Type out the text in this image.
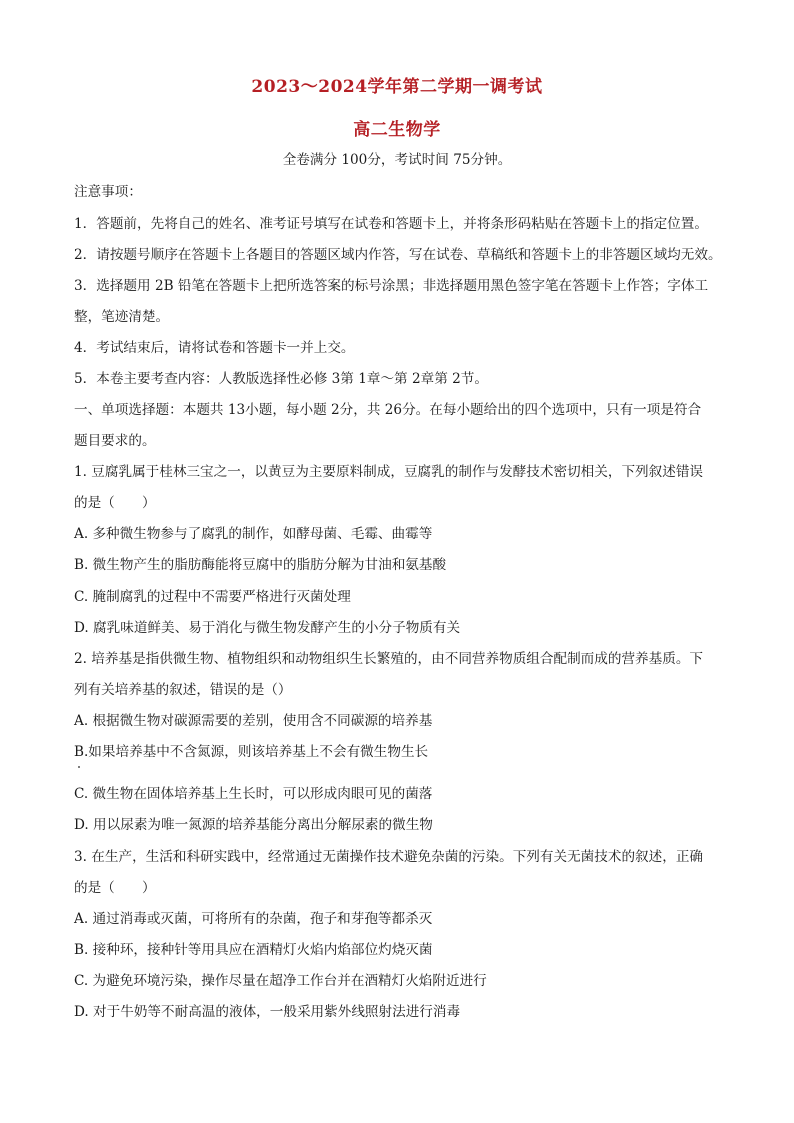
2023～2024学年第二学期一调考试
高二生物学
全卷满分 100分，考试时间 75分钟。
注意事项：
1．答题前，先将自己的姓名、准考证号填写在试卷和答题卡上，并将条形码粘贴在答题卡上的指定位置。
2．请按题号顺序在答题卡上各题目的答题区域内作答，写在试卷、草稿纸和答题卡上的非答题区域均无效。
3．选择题用 2B 铅笔在答题卡上把所选答案的标号涂黑；非选择题用黑色签字笔在答题卡上作答；字体工
整，笔迹清楚。
4．考试结束后，请将试卷和答题卡一并上交。
5．本卷主要考查内容：人教版选择性必修 3第 1章～第 2章第 2节。
一、单项选择题：本题共 13小题，每小题 2分，共 26分。在每小题给出的四个选项中，只有一项是符合
题目要求的。
1. 豆腐乳属于桂林三宝之一，以黄豆为主要原料制成，豆腐乳的制作与发酵技术密切相关，下列叙述错误
的是（　　）
A. 多种微生物参与了腐乳的制作，如酵母菌、毛霉、曲霉等
B. 微生物产生的脂肪酶能将豆腐中的脂肪分解为甘油和氨基酸
C. 腌制腐乳的过程中不需要严格进行灭菌处理
D. 腐乳味道鲜美、易于消化与微生物发酵产生的小分子物质有关
2. 培养基是指供微生物、植物组织和动物组织生长繁殖的，由不同营养物质组合配制而成的营养基质。下
列有关培养基的叙述，错误的是（）
A. 根据微生物对碳源需要的差别，使用含不同碳源的培养基
B.如果培养基中不含氮源，则该培养基上不会有微生物生长
C. 微生物在固体培养基上生长时，可以形成肉眼可见的菌落
D. 用以尿素为唯一氮源的培养基能分离出分解尿素的微生物
3. 在生产，生活和科研实践中，经常通过无菌操作技术避免杂菌的污染。下列有关无菌技术的叙述，正确
的是（　　）
A. 通过消毒或灭菌，可将所有的杂菌，孢子和芽孢等都杀灭
B. 接种环，接种针等用具应在酒精灯火焰内焰部位灼烧灭菌
C. 为避免环境污染，操作尽量在超净工作台并在酒精灯火焰附近进行
D. 对于牛奶等不耐高温的液体，一般采用紫外线照射法进行消毒
